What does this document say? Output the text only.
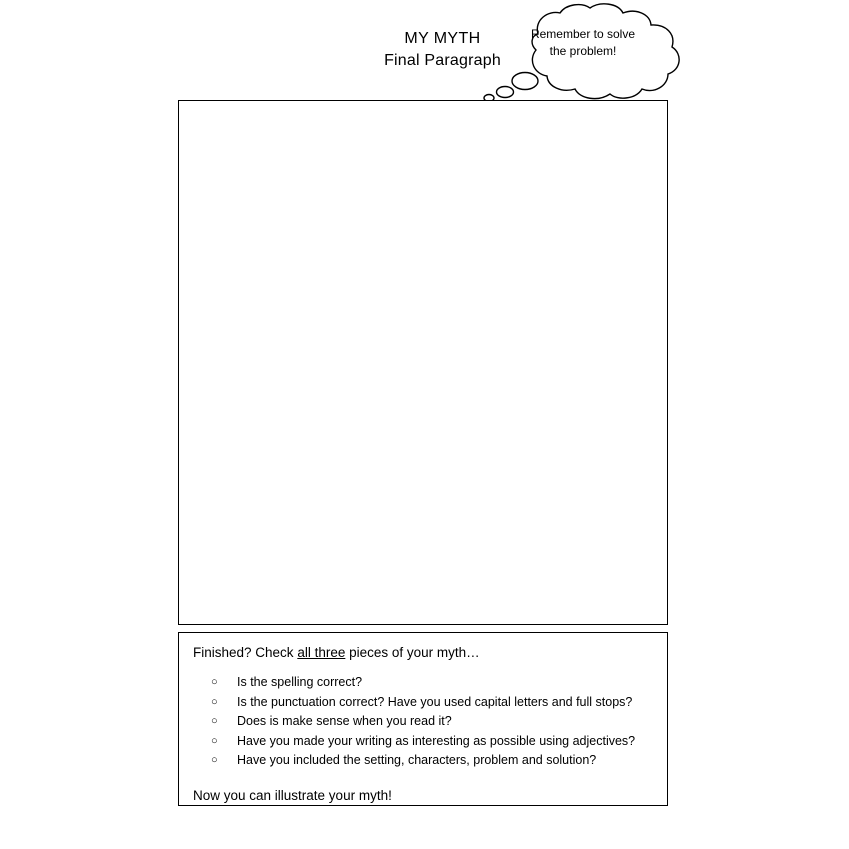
MY MYTH
Final Paragraph
Remember to solve the problem!
Finished? Check all three pieces of your myth…
○ Is the spelling correct?
○ Is the punctuation correct? Have you used capital letters and full stops?
○ Does is make sense when you read it?
○ Have you made your writing as interesting as possible using adjectives?
○ Have you included the setting, characters, problem and solution?
Now you can illustrate your myth!
